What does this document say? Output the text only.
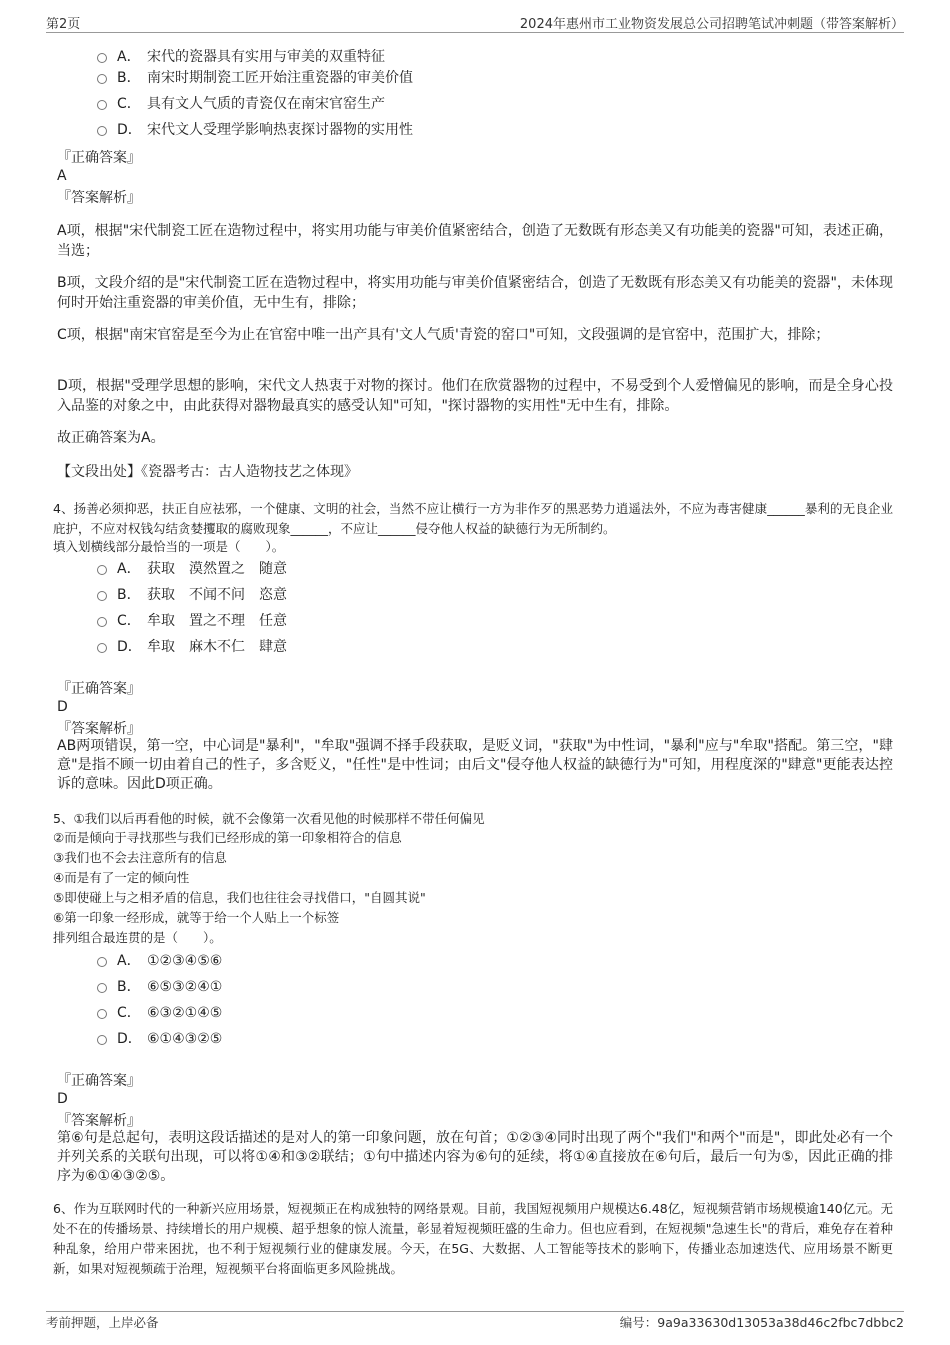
第2页	2024年惠州市工业物资发展总公司招聘笔试冲刺题（带答案解析）
A． 宋代的瓷器具有实用与审美的双重特征
B． 南宋时期制瓷工匠开始注重瓷器的审美价值
C． 具有文人气质的青瓷仅在南宋官窑生产
D． 宋代文人受理学影响热衷探讨器物的实用性
『正确答案』
A
『答案解析』
A项，根据"宋代制瓷工匠在造物过程中，将实用功能与审美价值紧密结合，创造了无数既有形态美又有功能美的瓷器"可知，表述正确，当选；
B项，文段介绍的是"宋代制瓷工匠在造物过程中，将实用功能与审美价值紧密结合，创造了无数既有形态美又有功能美的瓷器"，未体现何时开始注重瓷器的审美价值，无中生有，排除；
C项，根据"南宋官窑是至今为止在官窑中唯一出产具有'文人气质'青瓷的窑口"可知，文段强调的是官窑中，范围扩大，排除；
D项，根据"受理学思想的影响，宋代文人热衷于对物的探讨。他们在欣赏器物的过程中，不易受到个人爱憎偏见的影响，而是全身心投入品鉴的对象之中，由此获得对器物最真实的感受认知"可知，"探讨器物的实用性"无中生有，排除。
故正确答案为A。
【文段出处】《瓷器考古：古人造物技艺之体现》
4、扬善必须抑恶，扶正自应祛邪，一个健康、文明的社会，当然不应让横行一方为非作歹的黑恶势力逍遥法外，不应为毒害健康______暴利的无良企业庇护，不应对权钱勾结贪婪攫取的腐败现象______，不应让______侵夺他人权益的缺德行为无所制约。
填入划横线部分最恰当的一项是（　　）。
A． 获取　漠然置之　随意
B． 获取　不闻不问　恣意
C． 牟取　置之不理　任意
D． 牟取　麻木不仁　肆意
『正确答案』
D
『答案解析』
AB两项错误，第一空，中心词是"暴利"，"牟取"强调不择手段获取，是贬义词，"获取"为中性词，"暴利"应与"牟取"搭配。第三空，"肆意"是指不顾一切由着自己的性子，多含贬义，"任性"是中性词；由后文"侵夺他人权益的缺德行为"可知，用程度深的"肆意"更能表达控诉的意味。因此D项正确。
5、①我们以后再看他的时候，就不会像第一次看见他的时候那样不带任何偏见
②而是倾向于寻找那些与我们已经形成的第一印象相符合的信息
③我们也不会去注意所有的信息
④而是有了一定的倾向性
⑤即使碰上与之相矛盾的信息，我们也往往会寻找借口，"自圆其说"
⑥第一印象一经形成，就等于给一个人贴上一个标签
排列组合最连贯的是（　　）。
A． ①②③④⑤⑥
B． ⑥⑤③②④①
C． ⑥③②①④⑤
D． ⑥①④③②⑤
『正确答案』
D
『答案解析』
第⑥句是总起句，表明这段话描述的是对人的第一印象问题，放在句首；①②③④同时出现了两个"我们"和两个"而是"，即此处必有一个并列关系的关联句出现，可以将①④和③②联结；①句中描述内容为⑥句的延续，将①④直接放在⑥句后，最后一句为⑤，因此正确的排序为⑥①④③②⑤。
6、作为互联网时代的一种新兴应用场景，短视频正在构成独特的网络景观。目前，我国短视频用户规模达6.48亿，短视频营销市场规模逾140亿元。无处不在的传播场景、持续增长的用户规模、超乎想象的惊人流量，彰显着短视频旺盛的生命力。但也应看到，在短视频"急速生长"的背后，难免存在着种种乱象，给用户带来困扰，也不利于短视频行业的健康发展。今天，在5G、大数据、人工智能等技术的影响下，传播业态加速迭代、应用场景不断更新，如果对短视频疏于治理，短视频平台将面临更多风险挑战。
考前押题，上岸必备	编号：9a9a33630d13053a38d46c2fbc7dbbc2
